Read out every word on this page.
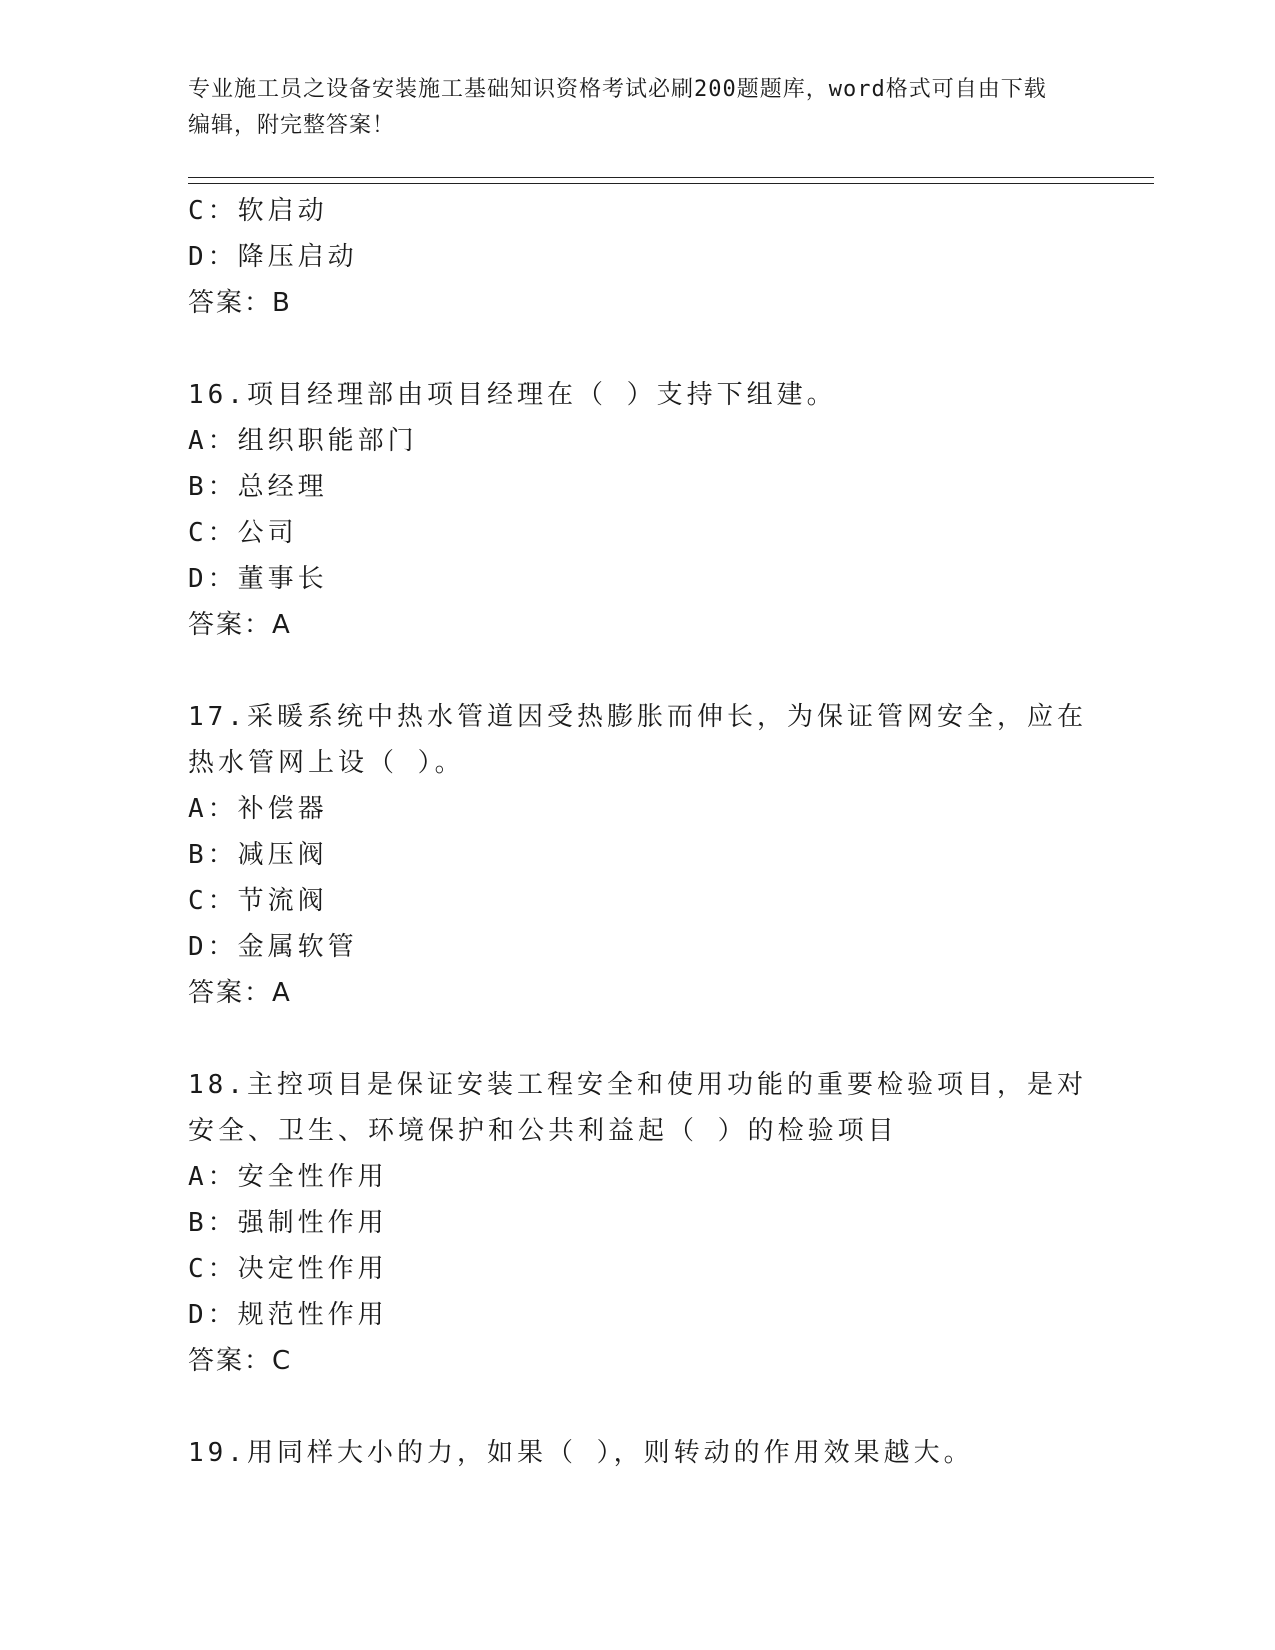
专业施工员之设备安装施工基础知识资格考试必刷200题题库，word格式可自由下载编辑，附完整答案！
C：软启动
D：降压启动
答案：B
16.项目经理部由项目经理在（ ）支持下组建。
A：组织职能部门
B：总经理
C：公司
D：董事长
答案：A
17.采暖系统中热水管道因受热膨胀而伸长，为保证管网安全，应在热水管网上设（ ）。
A：补偿器
B：减压阀
C：节流阀
D：金属软管
答案：A
18.主控项目是保证安装工程安全和使用功能的重要检验项目，是对安全、卫生、环境保护和公共利益起（ ）的检验项目
A：安全性作用
B：强制性作用
C：决定性作用
D：规范性作用
答案：C
19.用同样大小的力，如果（ ），则转动的作用效果越大。
